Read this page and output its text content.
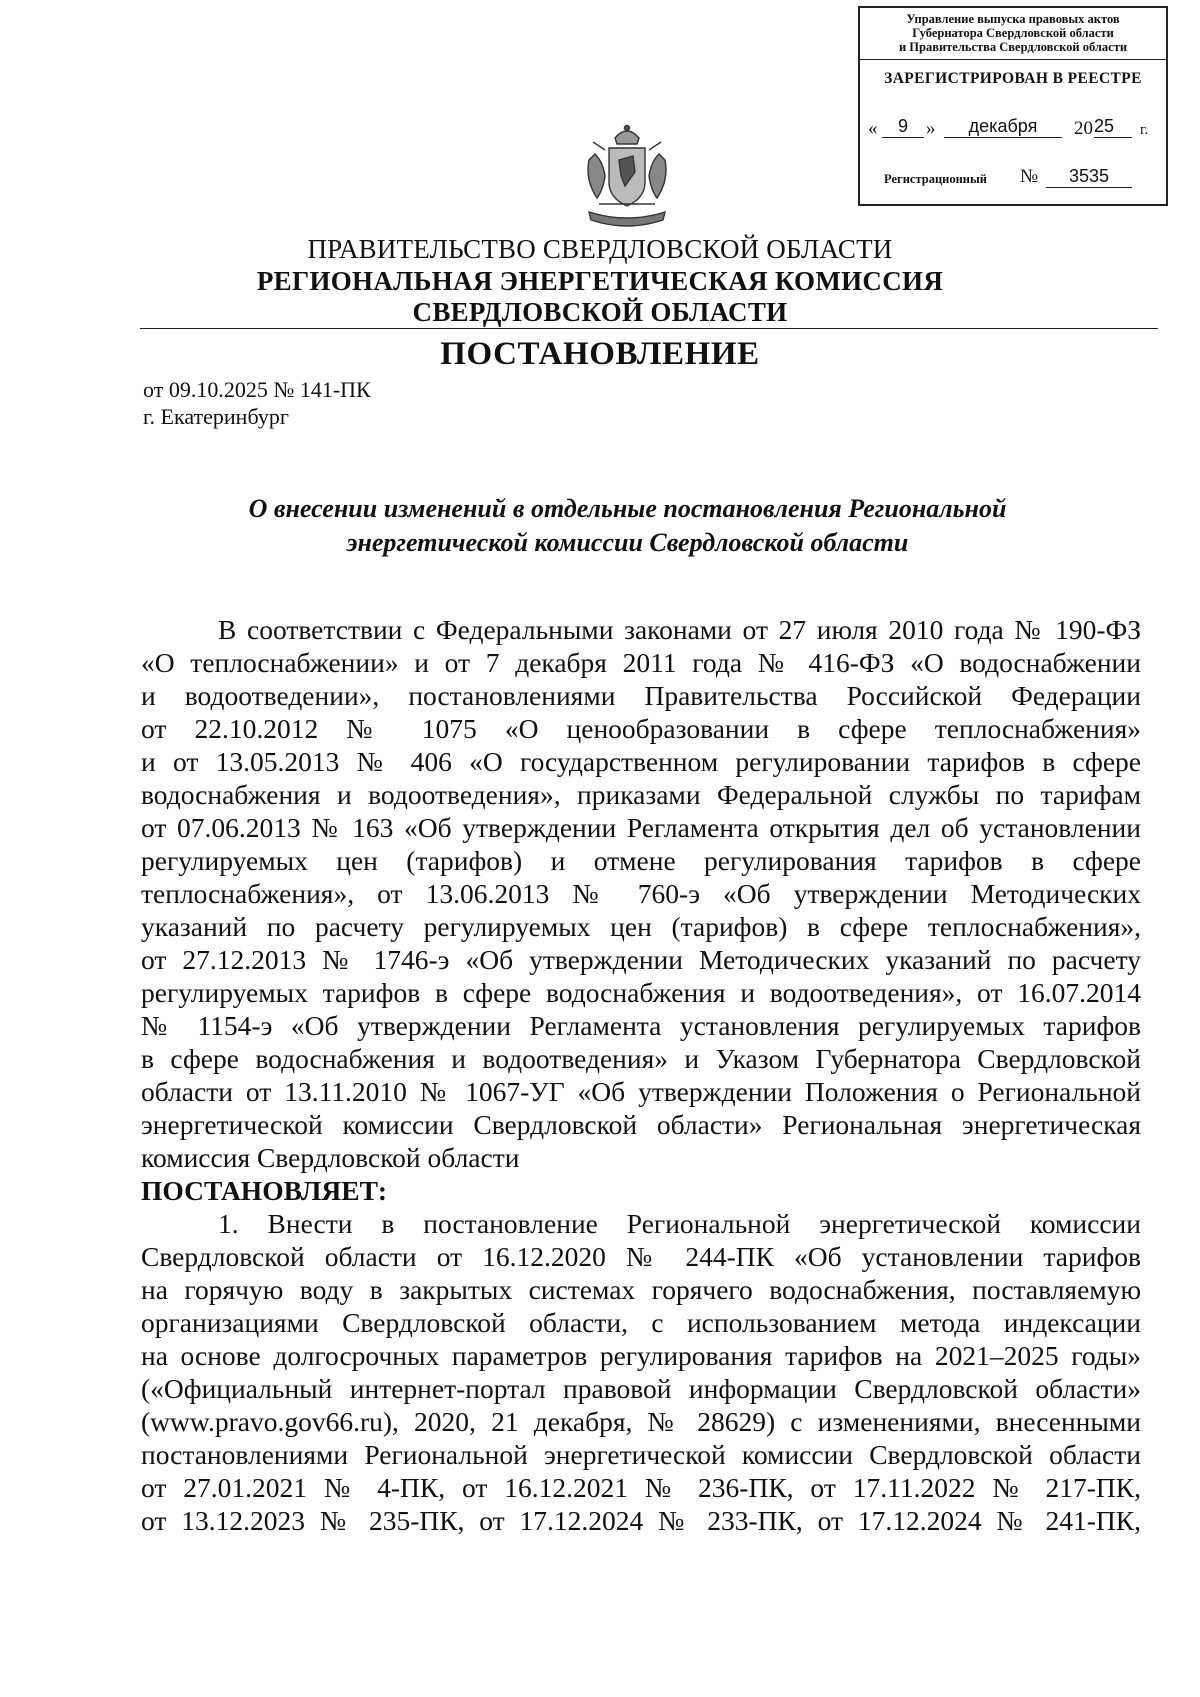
Управление выпуска правовых актов
Губернатора Свердловской области
и Правительства Свердловской области
ЗАРЕГИСТРИРОВАН В РЕЕСТРЕ
«	9 »	декабря	20 25	г.
Регистрационный №	3535
ПРАВИТЕЛЬСТВО СВЕРДЛОВСКОЙ ОБЛАСТИ
РЕГИОНАЛЬНАЯ ЭНЕРГЕТИЧЕСКАЯ КОМИССИЯ
СВЕРДЛОВСКОЙ ОБЛАСТИ
ПОСТАНОВЛЕНИЕ
от 09.10.2025 № 141-ПК
г. Екатеринбург
О внесении изменений в отдельные постановления Региональной
энергетической комиссии Свердловской области
В соответствии с Федеральными законами от 27 июля 2010 года № 190-ФЗ
«О теплоснабжении» и от 7 декабря 2011 года № 416-ФЗ «О водоснабжении
и водоотведении», постановлениями Правительства Российской Федерации
от 22.10.2012 № 1075 «О ценообразовании в сфере теплоснабжения»
и от 13.05.2013 № 406 «О государственном регулировании тарифов в сфере
водоснабжения и водоотведения», приказами Федеральной службы по тарифам
от 07.06.2013 № 163 «Об утверждении Регламента открытия дел об установлении
регулируемых цен (тарифов) и отмене регулирования тарифов в сфере
теплоснабжения», от 13.06.2013 № 760-э «Об утверждении Методических
указаний по расчету регулируемых цен (тарифов) в сфере теплоснабжения»,
от 27.12.2013 № 1746-э «Об утверждении Методических указаний по расчету
регулируемых тарифов в сфере водоснабжения и водоотведения», от 16.07.2014
№ 1154-э «Об утверждении Регламента установления регулируемых тарифов
в сфере водоснабжения и водоотведения» и Указом Губернатора Свердловской
области от 13.11.2010 № 1067-УГ «Об утверждении Положения о Региональной
энергетической комиссии Свердловской области» Региональная энергетическая
комиссия Свердловской области
ПОСТАНОВЛЯЕТ:
1. Внести в постановление Региональной энергетической комиссии
Свердловской области от 16.12.2020 № 244-ПК «Об установлении тарифов
на горячую воду в закрытых системах горячего водоснабжения, поставляемую
организациями Свердловской области, с использованием метода индексации
на основе долгосрочных параметров регулирования тарифов на 2021–2025 годы»
(«Официальный интернет-портал правовой информации Свердловской области»
(www.pravo.gov66.ru), 2020, 21 декабря, № 28629) с изменениями, внесенными
постановлениями Региональной энергетической комиссии Свердловской области
от 27.01.2021 № 4-ПК, от 16.12.2021 № 236-ПК, от 17.11.2022 № 217-ПК,
от 13.12.2023 № 235-ПК, от 17.12.2024 № 233-ПК, от 17.12.2024 № 241-ПК,
